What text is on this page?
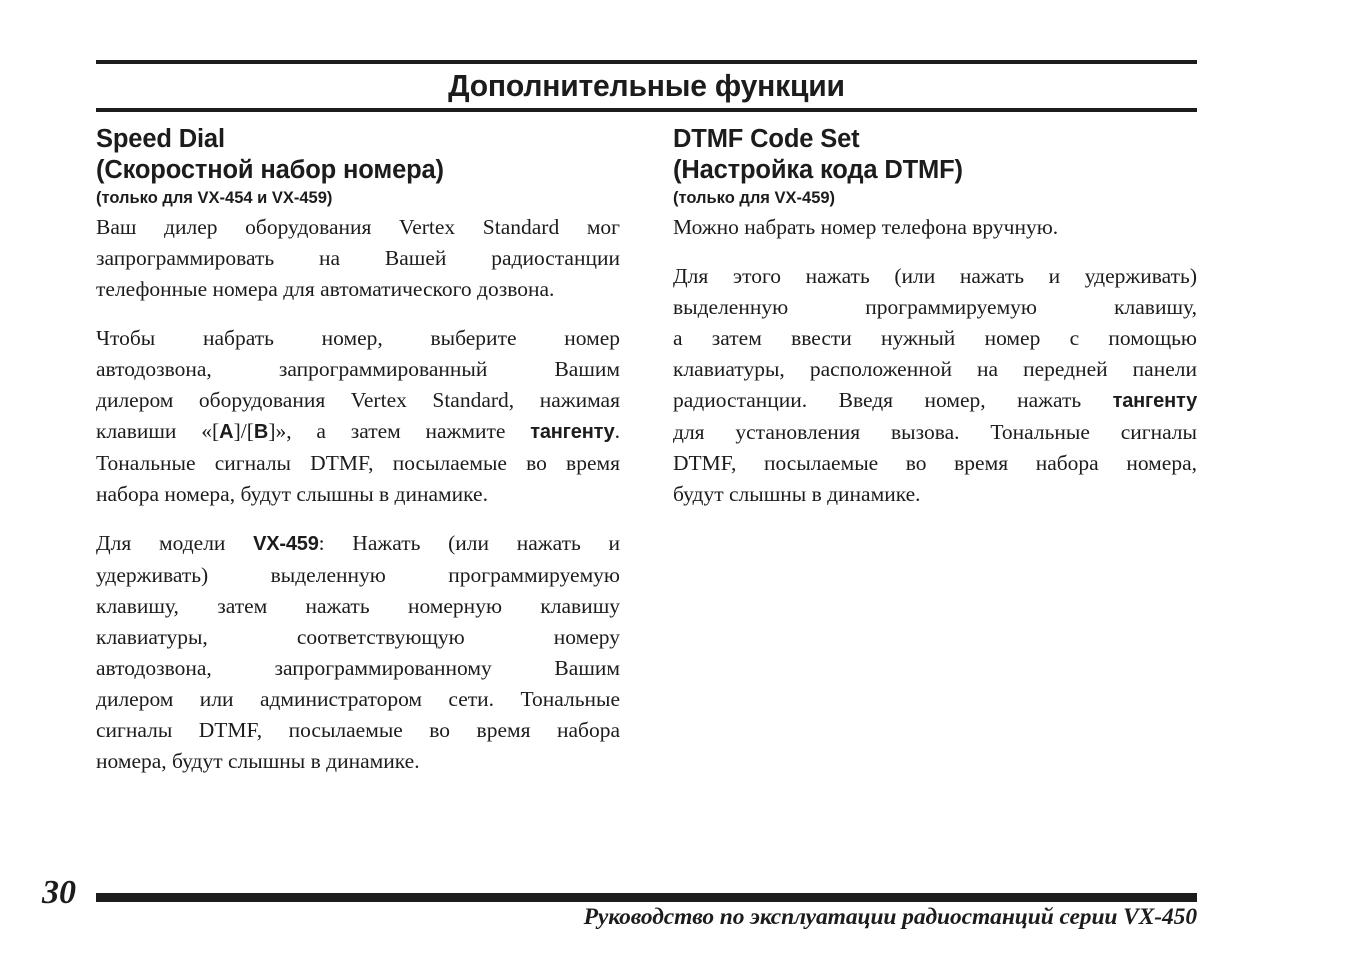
Дополнительные функции
Speed Dial
(Скоростной набор номера)
(только для VX-454 и VX-459)

Ваш дилер оборудования Vertex Standard мог
запрограммировать на Вашей радиостанции
телефонные номера для автоматического дозвона.

Чтобы набрать номер, выберите номер
автодозвона, запрограммированный Вашим
дилером оборудования Vertex Standard, нажимая
клавиши «[A]/[B]», а затем нажмите тангенту.
Тональные сигналы DTMF, посылаемые во время
набора номера, будут слышны в динамике.

Для модели VX-459: Нажать (или нажать и
удерживать) выделенную программируемую
клавишу, затем нажать номерную клавишу
клавиатуры, соответствующую номеру
автодозвона, запрограммированному Вашим
дилером или администратором сети. Тональные
сигналы DTMF, посылаемые во время набора
номера, будут слышны в динамике.

DTMF Code Set
(Настройка кода DTMF)
(только для VX-459)

Можно набрать номер телефона вручную.

Для этого нажать (или нажать и удерживать)
выделенную программируемую клавишу,
а затем ввести нужный номер с помощью
клавиатуры, расположенной на передней панели
радиостанции. Введя номер, нажать тангенту
для установления вызова. Тональные сигналы
DTMF, посылаемые во время набора номера,
будут слышны в динамике.

30
Руководство по эксплуатации радиостанций серии VX-450
